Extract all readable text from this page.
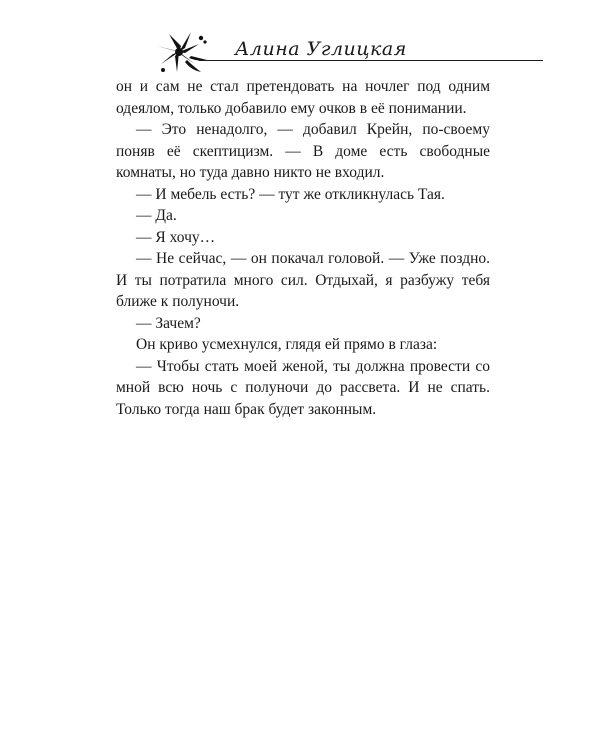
Алина Углицкая

он и сам не стал претендовать на ночлег под одним одеялом, только добавило ему очков в её понимании.

— Это ненадолго, — добавил Крейн, по-своему поняв её скептицизм. — В доме есть свободные комнаты, но туда давно никто не входил.

— И мебель есть? — тут же откликнулась Тая.

— Да.

— Я хочу…

— Не сейчас, — он покачал головой. — Уже поздно. И ты потратила много сил. Отдыхай, я разбужу тебя ближе к полуночи.

— Зачем?

Он криво усмехнулся, глядя ей прямо в глаза:

— Чтобы стать моей женой, ты должна провести со мной всю ночь с полуночи до рассвета. И не спать. Только тогда наш брак будет законным.
